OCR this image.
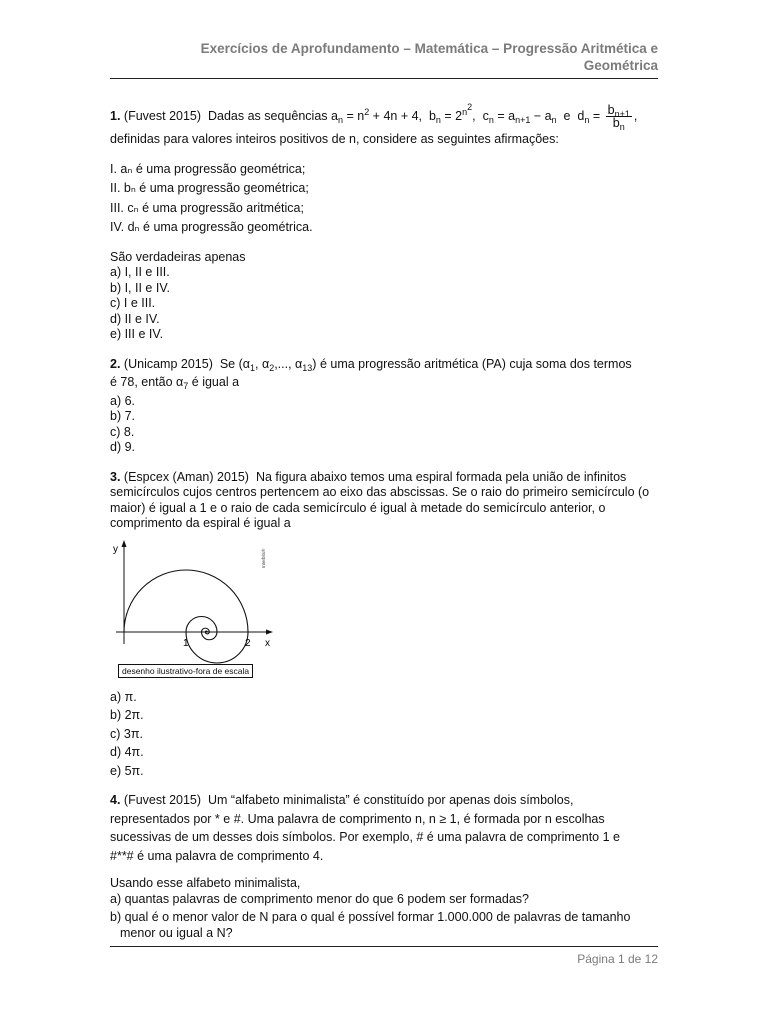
Exercícios de Aprofundamento – Matemática – Progressão Aritmética e
Geométrica

1. (Fuvest 2015) Dadas as sequências $a_n = n^2 + 4n + 4$,  $b_n = 2^{n^2}$,  $c_n = a_{n+1} - a_n$  e  $d_n = \frac{b_{n+1}}{b_n}$ ,

definidas para valores inteiros positivos de n, considere as seguintes afirmações:

I. aₙ é uma progressão geométrica;

II. bₙ é uma progressão geométrica;

III. cₙ é uma progressão aritmética;

IV. dₙ é uma progressão geométrica.

São verdadeiras apenas

a) I, II e III.

b) I, II e IV.

c) I e III.

d) II e IV.

e) III e IV.

2. (Unicamp 2015) Se ($\alpha_1$, $\alpha_2$,..., $\alpha_{13}$) é uma progressão aritmética (PA) cuja soma dos termos

é 78, então $\alpha_7$ é igual a

a) 6.

b) 7.

c) 8.

d) 9.

3. (Espcex (Aman) 2015) Na figura abaixo temos uma espiral formada pela união de infinitos semicírculos cujos centros pertencem ao eixo das abscissas. Se o raio do primeiro semicírculo (o maior) é igual a 1 e o raio de cada semicírculo é igual à metade do semicírculo anterior, o comprimento da espiral é igual a

y
x
1	2
Interbits®
desenho ilustrativo-fora de escala

a) π.

b) 2π.

c) 3π.

d) 4π.

e) 5π.

4. (Fuvest 2015) Um “alfabeto minimalista” é constituído por apenas dois símbolos,

representados por * e #. Uma palavra de comprimento n, n ≥ 1, é formada por n escolhas

sucessivas de um desses dois símbolos. Por exemplo, # é uma palavra de comprimento 1 e

#**# é uma palavra de comprimento 4.

Usando esse alfabeto minimalista,

a) quantas palavras de comprimento menor do que 6 podem ser formadas?

b) qual é o menor valor de N para o qual é possível formar 1.000.000 de palavras de tamanho

menor ou igual a N?

Página 1 de 12
